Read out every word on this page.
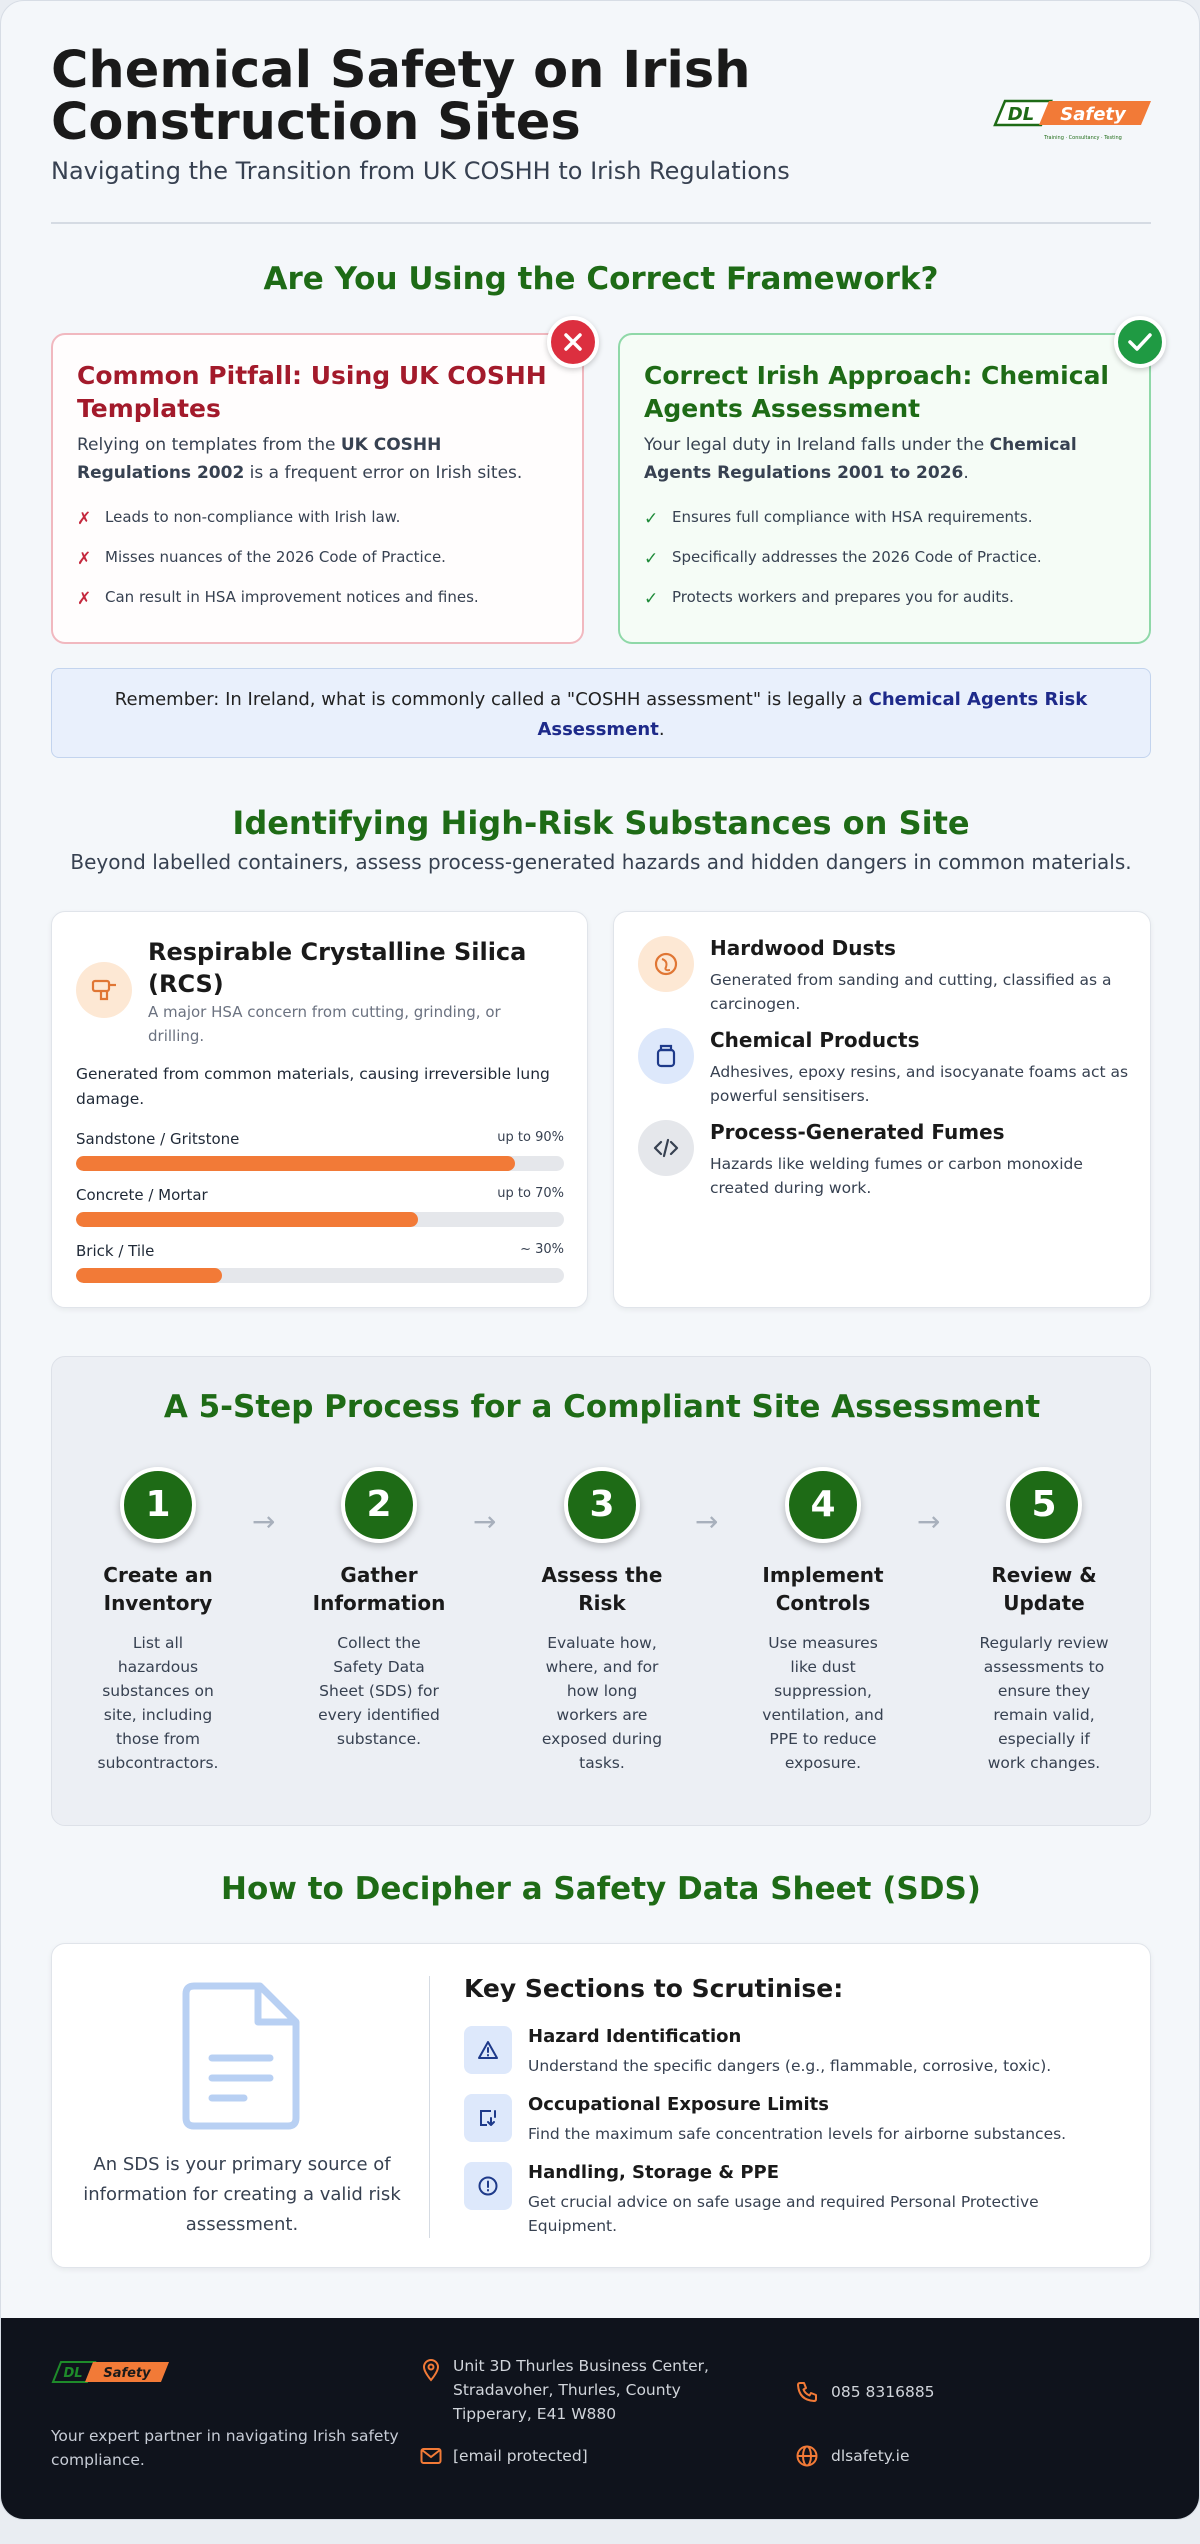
Chemical Safety on Irish Construction Sites
Navigating the Transition from UK COSHH to Irish Regulations
DL Safety
Training · Consultancy · Testing
Are You Using the Correct Framework?
Common Pitfall: Using UK COSHH Templates

Relying on templates from the UK COSHH Regulations 2002 is a frequent error on Irish sites.

✗ Leads to non-compliance with Irish law.
✗ Misses nuances of the 2026 Code of Practice.
✗ Can result in HSA improvement notices and fines.
Correct Irish Approach: Chemical Agents Assessment

Your legal duty in Ireland falls under the Chemical Agents Regulations 2001 to 2026.

✓ Ensures full compliance with HSA requirements.
✓ Specifically addresses the 2026 Code of Practice.
✓ Protects workers and prepares you for audits.
Remember: In Ireland, what is commonly called a "COSHH assessment" is legally a Chemical Agents Risk Assessment.
Identifying High-Risk Substances on Site

Beyond labelled containers, assess process-generated hazards and hidden dangers in common materials.

Respirable Crystalline Silica (RCS)
A major HSA concern from cutting, grinding, or drilling.

Generated from common materials, causing irreversible lung damage.

Sandstone / Gritstone	up to 90%
Concrete / Mortar	up to 70%
Brick / Tile	~ 30%
Hardwood Dusts
Generated from sanding and cutting, classified as a carcinogen.
Chemical Products
Adhesives, epoxy resins, and isocyanate foams act as powerful sensitisers.
Process-Generated Fumes
Hazards like welding fumes or carbon monoxide created during work.
A 5-Step Process for a Compliant Site Assessment
1
Create an Inventory
List all hazardous substances on site, including those from subcontractors.
→	2
Gather Information
Collect the Safety Data Sheet (SDS) for every identified substance.
→	3
Assess the Risk
Evaluate how, where, and for how long workers are exposed during tasks.
→	4
Implement Controls
Use measures like dust suppression, ventilation, and PPE to reduce exposure.
→	5
Review & Update
Regularly review assessments to ensure they remain valid, especially if work changes.
How to Decipher a Safety Data Sheet (SDS)

An SDS is your primary source of information for creating a valid risk assessment.

Key Sections to Scrutinise:
Hazard Identification
Understand the specific dangers (e.g., flammable, corrosive, toxic).
Occupational Exposure Limits
Find the maximum safe concentration levels for airborne substances.
Handling, Storage & PPE
Get crucial advice on safe usage and required Personal Protective Equipment.
DL Safety

Your expert partner in navigating Irish safety compliance.

Unit 3D Thurles Business Center, Stradavoher, Thurles, County Tipperary, E41 W880
085 8316885
[email protected]	dlsafety.ie
